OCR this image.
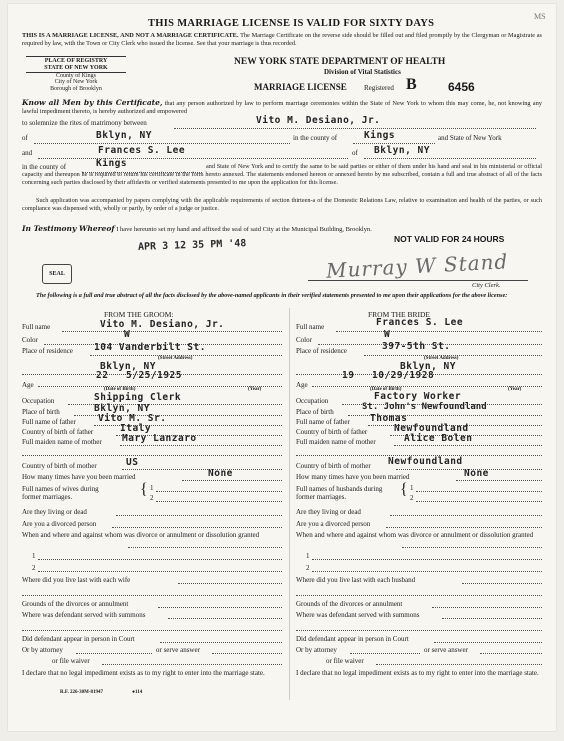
THIS MARRIAGE LICENSE IS VALID FOR SIXTY DAYS
MS
THIS IS A MARRIAGE LICENSE, AND NOT A MARRIAGE CERTIFICATE. The Marriage Certificate on the reverse side should be filled out and filed promptly by the Clergyman or Magistrate as required by law, with the Town or City Clerk who issued the license. See that your marriage is thus recorded.
PLACE OF REGISTRY
STATE OF NEW YORK
County of Kings
City of New York
Borough of Brooklyn
NEW YORK STATE DEPARTMENT OF HEALTH
Division of Vital Statistics
MARRIAGE LICENSE Registered B	6456
Know all Men by this Certificate, that any person authorized by law to perform marriage ceremonies within the State of New York to whom this may come, he, not knowing any lawful impediment thereto, is hereby authorized and empowered
to solemnize the rites of matrimony between	Vito M. Desiano, Jr.
of	Bklyn, NY	in the county of	Kings	and State of New York
and	Frances S. Lee	of Bklyn, NY
in the county of	Kings	and State of New York and to certify the same to be said parties or either of them under his hand and seal in his ministerial or official capacity and thereupon he is required to return his certificate in the form hereto annexed. The statements endorsed hereon or annexed hereto by me subscribed, contain a full and true abstract of all of the facts concerning such parties disclosed by their affidavits or verified statements presented to me upon the application for this license.
Such application was accompanied by papers complying with the applicable requirements of section thirteen-a of the Domestic Relations Law, relative to examination and health of the parties, or such compliance was dispensed with, wholly or partly, by order of a judge or justice.
In Testimony Whereof I have hereunto set my hand and affixed the seal of said City at the Municipal Building, Brooklyn.
NOT VALID FOR 24 HOURS
APR 3 12 35 PM '48
SEAL	Murray W Stand
City Clerk.
The following is a full and true abstract of all the facts disclosed by the above-named applicants in their verified statements presented to me upon their applications for the above license:
FROM THE GROOM:
Full name	Vito M. Desiano, Jr.
Color	W
Place of residence 104 Vanderbilt St.
(Street Address)
Bklyn, NY
Age
22 5/25/1925
(Date of Birth)	(Year)
Occupation	Shipping Clerk
Place of birth	Bklyn, NY
Full name of father Vito M. Sr.
Country of birth of father	Italy
Full maiden name of mother Mary Lanzaro
Country of birth of mother	US
How many times have you been married	None
Full names of wives during former marriages.	{ 1
2
Are they living or dead
Are you a divorced person
When and where and against whom was divorce or annulment or dissolution granted
1
2
Where did you live last with each wife
Grounds of the divorces or annulment
Where was defendant served with summons
Did defendant appear in person in Court
Or by attorney	or serve answer
or file waiver
I declare that no legal impediment exists as to my right to enter into the marriage state.
R.F. 226-30M-81947	●114
FROM THE BRIDE
Full name	Frances S. Lee
Color	W
Place of residence	397-5th St.
(Street Address)
Bklyn, NY
Age
19 10/29/1928
(Date of Birth)	(Year)
Occupation	Factory Worker
Place of birth	St. John's Newfoundland
Full name of father Thomas
Country of birth of father	Newfoundland
Full maiden name of mother	Alice Bolen
Country of birth of mother Newfoundland
How many times have you been married	None
Full names of husbands during former marriages.	{ 1
2
Are they living or dead
Are you a divorced person
When and where and against whom was divorce or annulment or dissolution granted
1
2
Where did you live last with each husband
Grounds of the divorces or annulment
Where was defendant served with summons
Did defendant appear in person in Court
Or by attorney	or serve answer
or file waiver
I declare that no legal impediment exists as to my right to enter into the marriage state.
